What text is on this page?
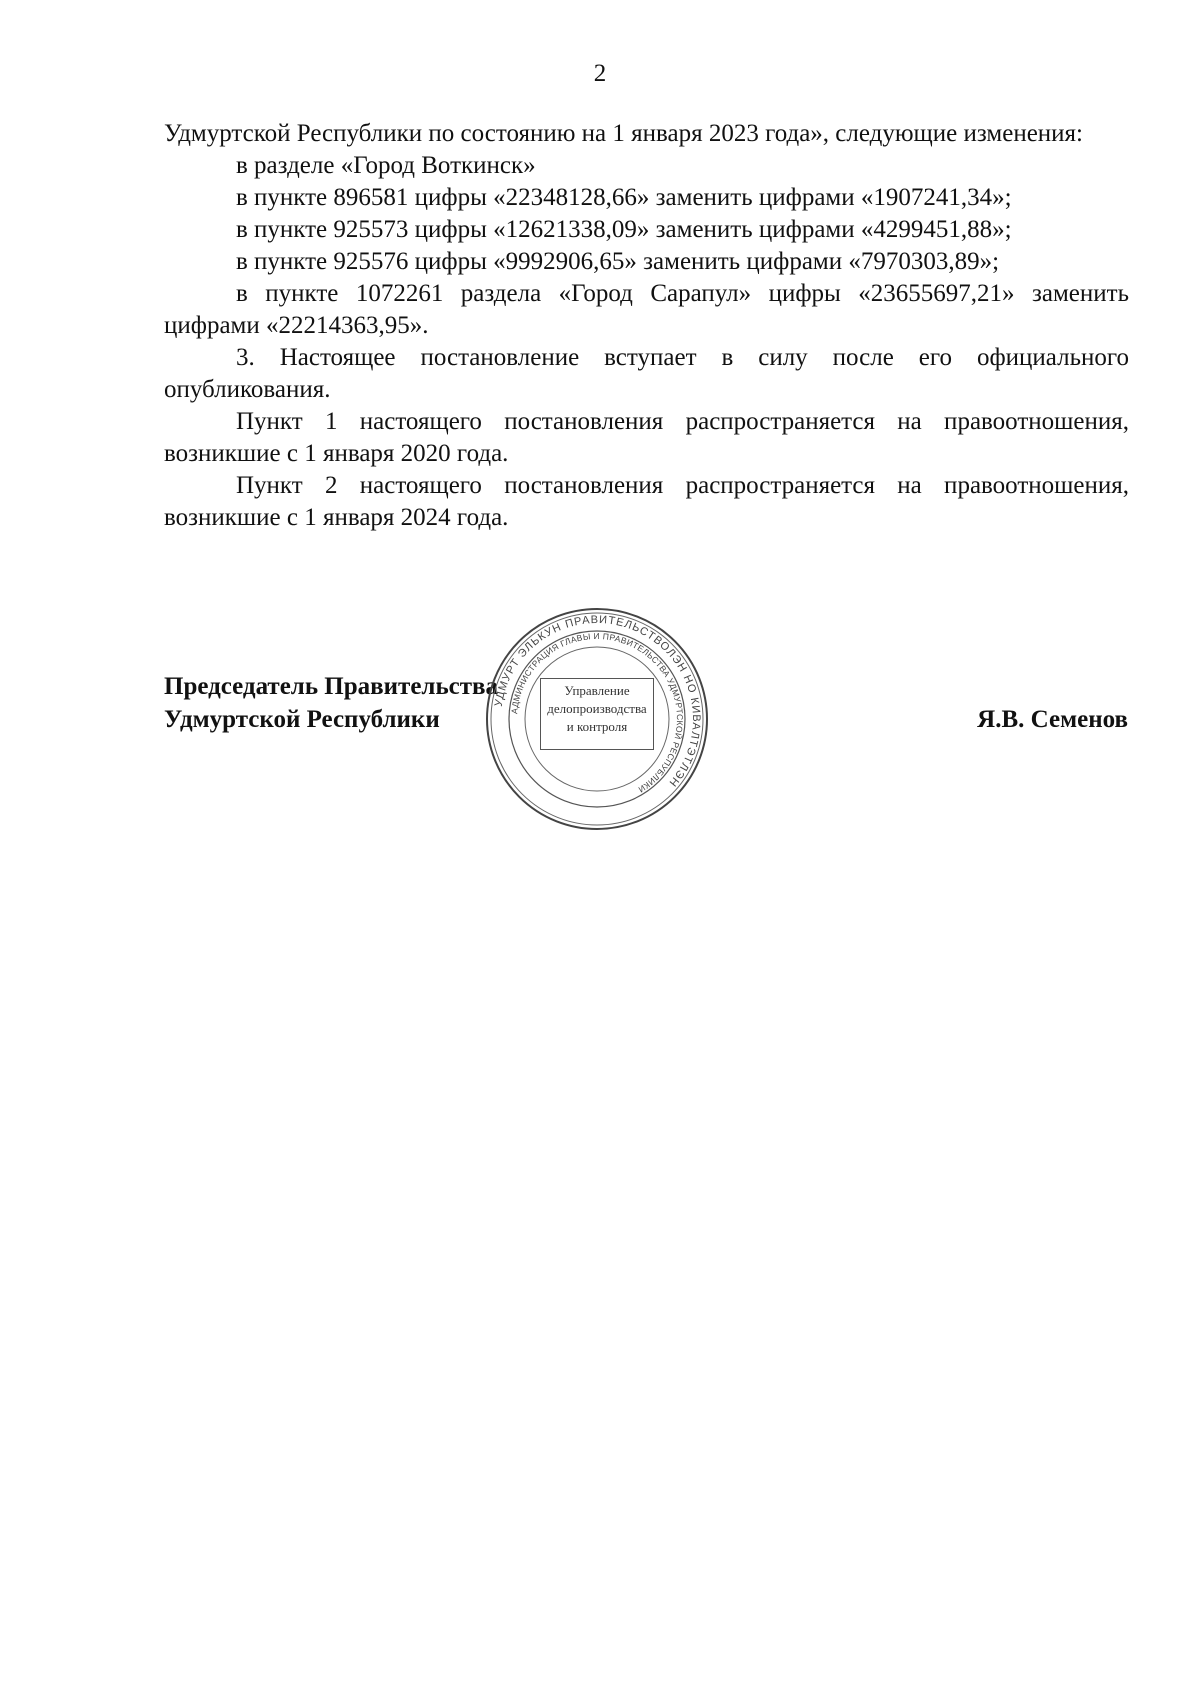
2

Удмуртской Республики по состоянию на 1 января 2023 года», следующие изменения:

в разделе «Город Воткинск»

в пункте 896581 цифры «22348128,66» заменить цифрами «1907241,34»;

в пункте 925573 цифры «12621338,09» заменить цифрами «4299451,88»;

в пункте 925576 цифры «9992906,65» заменить цифрами «7970303,89»;

в пункте 1072261 раздела «Город Сарапул» цифры «23655697,21» заменить цифрами «22214363,95».

3. Настоящее постановление вступает в силу после его официального опубликования.

Пункт 1 настоящего постановления распространяется на правоотношения, возникшие с 1 января 2020 года.

Пункт 2 настоящего постановления распространяется на правоотношения, возникшие с 1 января 2024 года.

Председатель Правительства
Удмуртской Республики	Я.В. Семенов
УДМУРТ ЭЛЬКУН ПРАВИТЕЛЬСТВОЛЭН НО КИВАЛТЭТЛЭН
АДМИНИСТРАЦИЯ ГЛАВЫ И ПРАВИТЕЛЬСТВА УДМУРТСКОЙ РЕСПУБЛИКИ
Управление
делопроизводства
и контроля
